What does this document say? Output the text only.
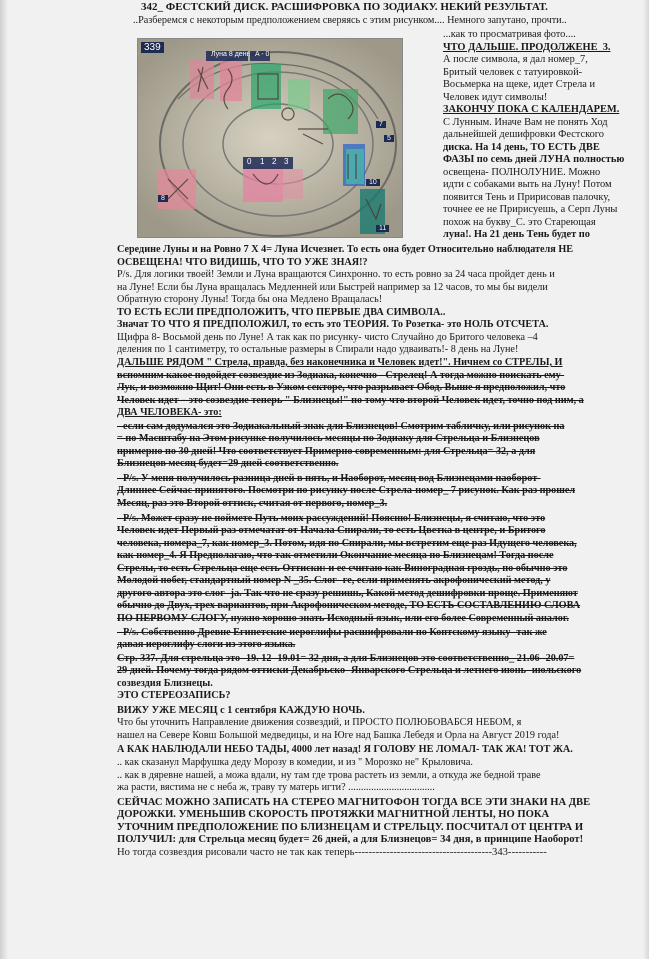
342_ ФЕСТСКИЙ ДИСК. РАСШИФРОВКА ПО ЗОДИАКУ. НЕКИЙ РЕЗУЛЬТАТ.
..Разберемся с некоторым предположением сверяясь с этим рисунком.... Немного запутано, прочти..
339
Луна 8 день A - 0
0	1 2 3
5
7
8
10
11
...как то просматривая фото....
ЧТО ДАЛЬШЕ. ПРОДОЛЖЕНЕ_3.
А после символа, я дал номер_7,
Бритый человек с татуировкой-
Восьмерка на щеке, идет Стрела и
Человек идут символы!
ЗАКОНЧУ ПОКА С КАЛЕНДАРЕМ.
С Лунным. Иначе Вам не понять Ход
дальнейшей дешифровки Фестского
диска. На 14 день, ТО ЕСТЬ ДВЕ
ФАЗЫ по семь дней ЛУНА полностью
освещена- ПОЛНОЛУНИЕ. Можно
идти с собаками выть на Луну! Потом
появится Тень и Пририсовав палочку,
точнее ее не Пририсуешь, а Серп Луны
похож на букву_С. это Стареющая
луна!. На 21 день Тень будет по
Середине Луны и на Ровно 7 Х 4= Луна Исчезнет. То есть она будет Относительно наблюдателя НЕ
ОСВЕЩЕНА! ЧТО ВИДИШЬ, ЧТО ТО УЖЕ ЗНАЯ!?
P/s. Для логики твоей! Земли и Луна вращаются Синхронно. то есть ровно за 24 часа пройдет день и
на Луне! Если бы Луна вращалась Медленней или Быстрей например за 12 часов, то мы бы видели
Обратную сторону Луны! Тогда бы она Медлено Вращалась!
ТО ЕСТЬ ЕСЛИ ПРЕДПОЛОЖИТЬ, ЧТО ПЕРВЫЕ ДВА СИМВОЛА..
Значат ТО ЧТО Я ПРЕДПОЛОЖИЛ, то есть это ТЕОРИЯ. То Розетка- это НОЛЬ ОТСЧЕТА.
Щифра 8- Восьмой день по Луне! А так как по рисунку- чисто Случайно до Бритого человека –4
деления по 1 сантиметру, то остальные размеры в Спирали надо удваивать!- 8 день на Луне!
ДАЛЬШЕ РЯДОМ " Стрела, правда, без наконечника и Человек идет!". Ничнем со СТРЕЛЫ, И
вспомним какое подойдет созвездие из Зодиака, конечно - Стрелец! А тогда можно поискать ему-
Лук, и возможно Щит! Они есть в Узком секторе, что разрывает Обод. Выше я предположил, что
Человек идет – это созвездие теперь " Близнецы!" по тому что второй Человек идет, точно под ним, а
ДВА ЧЕЛОВЕКА- это:
- если сам додумался это Зодиакальный знак для Близнецов! Смотрим табличку, или рисунок на
= по Масштабу на Этом рисунке получилось месяцы по Зодиаку для Стрельца и Близнецов
примерно по 30 дней! Что соответствует Примерно современным: для Стрельца= 32, а для
Близнецов месяц будет=29 дней соответственно.
- P/s. У меня получилось разница дней в пять, и Наоборот, месяц вод Близнецами наоборот-
Длиннее Сейчас принятого. Посмотри по рисунку после Стрела-номер_ 7 рисунок. Как раз прошел
Месяц, раз это Второй оттиск, считая от первого, номер_3.
- P/s. Может сразу не поймете Путь моих рассуждений! Поясню! Близнецы, я считаю, что это
Человек идет Первый раз отмечатат от Начала Спирали, то есть Цветка в центре, и Бритого
человека, номера_7, как номер_3. Потом, идя по Спирали, мы встретим еще раз Идущего человека,
как номер_4. Я Предполагаю, что так отметили Окончание месяца по Близнецам! Тогда после
Стрелы, то есть Стрельца еще есть Оттиски: и ее считаю как Виноградная гроздь, по обычно это
Молодой побег, стандартный номер N _35. Слог- ге, если применять акрофонический метод, у
другого автора это слог- ja. Так что не сразу решишь, Какой метод дешифровки проще. Применяют
обычно до Двух, трех вариантов, при Акрофоническом методе, ТО ЕСТЬ СОСТАВЛЕНИЮ СЛОВА
ПО ПЕРВОМУ СЛОГУ, нужно хорошо знать Исходный язык, или его более Современный аналог.
- P/s. Собственно Древне Египетские иероглифы расшифровали по Коптскому языку- так же
давая иероглифу слоги из этого языка.
Стр. 337. Для стрельца это- 19. 12- 19.01= 32 дня, а для Близнецов это соответственно_ 21.06- 20.07=
29 дней. Почему тогда рядом оттиски Декабрьско- Январского Стрельца и летнего июнь- июльского
созвездия Близнецы.
ЭТО СТЕРЕОЗАПИСЬ?
ВИЖУ УЖЕ МЕСЯЦ с 1 сентября КАЖДУЮ НОЧЬ.
Что бы уточнить Направление движения созвездий, и ПРОСТО ПОЛЮБОВАБСЯ НЕБОМ, я
нашел на Севере Ковш Большой медведицы, и на Юге над Башка Лебедя и Орла на Август 2019 года!
А КАК НАБЛЮДАЛИ НЕБО ТАДЫ, 4000 лет назад! Я ГОЛОВУ НЕ ЛОМАЛ- ТАК ЖА! ТОТ ЖА.
.. как сказанул Марфушка деду Морозу в комедии, и из " Морозко не" Крыловича.
.. как в дяревне нашей, а можа вдали, ну там где трова растеть из земли, а откуда же бедной траве
жа расти, вястима не с неба ж, траву ту матерь игти? ..................................
СЕЙЧАС МОЖНО ЗАПИСАТЬ НА СТЕРЕО МАГНИТОФОН ТОГДА ВСЕ ЭТИ ЗНАКИ НА ДВЕ
ДОРОЖКИ. УМЕНЬШИВ СКОРОСТЬ ПРОТЯЖКИ МАГНИТНОЙ ЛЕНТЫ, НО ПОКА
УТОЧНИМ ПРЕДПОЛОЖЕНИЕ ПО БЛИЗНЕЦАМ И СТРЕЛЬЦУ. ПОСЧИТАЛ ОТ ЦЕНТРА И
ПОЛУЧИЛ: для Стрельца месяц будет= 26 дней, а для Близнецов= 34 дня, в принципе Наоборот!
Но тогда созвездия рисовали часто не так как теперь---------------------------------------343-----------
